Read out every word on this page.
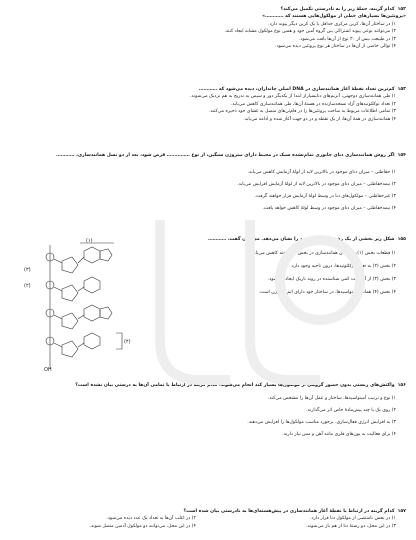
۱۵۲کدام گزینه، جملهٔ زیر را به نادرستی تکمیل می‌کند؟
«پروتئین‌ها بسپارهای خطی از مولکول‌هایی هستند که …………»
۱) در ساختار آن‌ها، کربن مرکزی حداقل با یک کربن دیگر پیوند دارد.
۲) می‌توانند نوعی پیوند اشتراکی بین گروه آمین خود و همین نوع مولکول مشابه ایجاد کنند.
۳) در طبیعت بیش از ۲۰ نوع از آن‌ها یافت می‌شود.
۴) توالی خاصی از آن‌ها در ساختار هر نوع پروتئین دیده می‌شود.
۱۵۳کم‌ترین تعداد نقطهٔ آغاز همانندسازی در DNA اصلی جانداران، دیده می‌شود که …………
۱) طی همانندسازی دوجهتی، آنزیم‌های دنابسپاراز ابتدا از یکدیگر دور و سپس به تدریج به هم نزدیک می‌شوند.
۲) تعداد نوکلئوتیدهای آزاد نسخه‌سازنده در هستهٔ آن‌ها، طی همانندسازی کاهش می‌یابد.
۳) تمامی اطلاعات مربوط به ساخت پروتئین‌ها را در فام‌تن‌های متصل به غشای خود ذخیره می‌کنند.
۴) همانندسازی در همهٔ آن‌ها، از یک نقطه و در دو جهت آغاز شده و ادامه می‌یابد.
۱۵۴اگر روش همانندسازی دنای جانوری تمام‌نشده سبک در محیط دارای نیتروژن سنگین، از نوع …………… فرض شود، بعد از دو نسل همانندسازی، …………
۱) حفاظتی – میزان دنای موجود در بالاترین لایه از لولهٔ آزمایش کاهش می‌یابد.
۲) نیمه‌حفاظتی – میزان دنای موجود در بالاترین لایه از لولهٔ آزمایش افزایش می‌یابد.
۳) غیرحفاظتی – مولکول‌های دنا در وسط لولهٔ آزمایش قرار خواهند گرفت.
۴) نیمه‌حفاظتی – میزان دنای موجود در وسط لولهٔ کاهش خواهد یافت.
۱۵۵شکل زیر بخشی از یک رشتهٔ نوکلئیک اسید را نشان می‌دهد. می‌توان گفت، …………
۱) قطعات بخش (۱)، در زمان همانندسازی در بخش (۲) پاخته کاهش می‌یابد.
۲) بخش (۲) به تعداد نوکلئوتیدها، درون ناحیه وجود دارد.
۳) بخش (۳) از آنیلکالت کمی شناسنده در روند ناریک ایجاد می‌شود.
۴) بخش (۴) همانند آمینواسیدها، در ساختار خود دارای اتم نیتروژن است.
(۱)
(۲)
(۳)
(۴)
OH
۱۵۶واکنش‌های زیستی بدون حضور گروهی از مولکول‌ها بسیار کند انجام می‌شوند. کدام گزینه در ارتباط با تمامی آن‌ها به درستی بیان نشده است؟
۱) نوع و ترتیب آمینواسیدها، ساختار و عمل آن‌ها را مشخص می‌کند.
۲) روی یک یا چند پیش‌مادهٔ خاص اثر می‌گذارند.
۳) به افزایش انرژی فعال‌سازی، برخورد مناسب مولکول‌ها را افزایش می‌دهند.
۴) برای فعالیت به یون‌های فلزی مانند آهن و مس نیاز دارند.
۱۵۷کدام گزینه در ارتباط با نقطهٔ آغاز همانندسازی در پیش‌هسته‌ای‌ها به نادرستی بیان شده است؟
۱) در بخش نامنتصی از مولکول دنا قرار دارد.
۲) در اغلب آن‌ها به تعداد یک عدد دیده می‌شود.
۳) در این محل، دو رشتهٔ دنا از هم باز می‌شوند.
۴) در این محل، می‌توانند دو مولکول آدمین متصل شوند.
